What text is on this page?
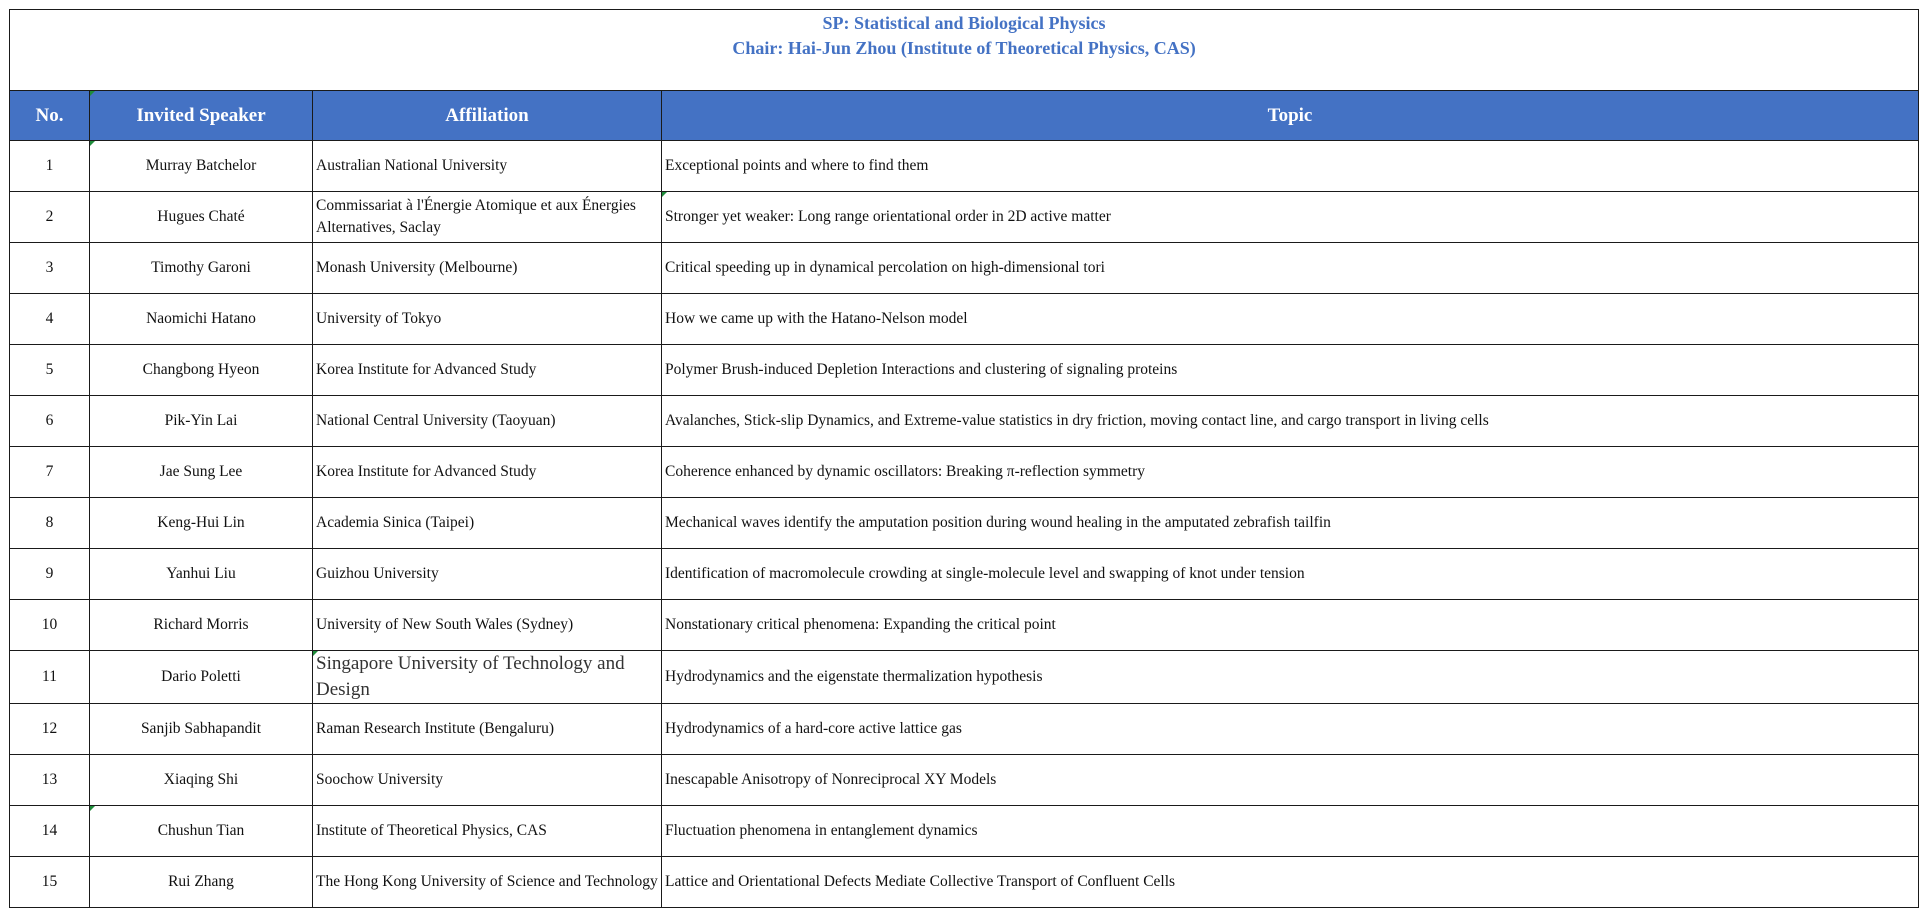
SP: Statistical and Biological Physics
Chair: Hai-Jun Zhou (Institute of Theoretical Physics, CAS)			

No.	Invited Speaker	Affiliation	Topic
1	Murray Batchelor	Australian National University	Exceptional points and where to find them
2	Hugues Chaté	Commissariat à l'Énergie Atomique et aux Énergies Alternatives, Saclay	Stronger yet weaker: Long range orientational order in 2D active matter
3	Timothy Garoni	Monash University (Melbourne)	Critical speeding up in dynamical percolation on high-dimensional tori
4	Naomichi Hatano	University of Tokyo	How we came up with the Hatano-Nelson model
5	Changbong Hyeon	Korea Institute for Advanced Study	Polymer Brush-induced Depletion Interactions and clustering of signaling proteins
6	Pik-Yin Lai	National Central University (Taoyuan)	Avalanches, Stick-slip Dynamics, and Extreme-value statistics in dry friction, moving contact line, and cargo transport in living cells
7	Jae Sung Lee	Korea Institute for Advanced Study	Coherence enhanced by dynamic oscillators: Breaking π-reflection symmetry
8	Keng-Hui Lin	Academia Sinica (Taipei)	Mechanical waves identify the amputation position during wound healing in the amputated zebrafish tailfin
9	Yanhui Liu	Guizhou University	Identification of macromolecule crowding at single-molecule level and swapping of knot under tension
10	Richard Morris	University of New South Wales (Sydney)	Nonstationary critical phenomena: Expanding the critical point
11	Dario Poletti	Singapore University of Technology and Design	Hydrodynamics and the eigenstate thermalization hypothesis
12	Sanjib Sabhapandit	Raman Research Institute (Bengaluru)	Hydrodynamics of a hard-core active lattice gas
13	Xiaqing Shi	Soochow University	Inescapable Anisotropy of Nonreciprocal XY Models
14	Chushun Tian	Institute of Theoretical Physics, CAS	Fluctuation phenomena in entanglement dynamics
15	Rui Zhang	The Hong Kong University of Science and Technology	Lattice and Orientational Defects Mediate Collective Transport of Confluent Cells
